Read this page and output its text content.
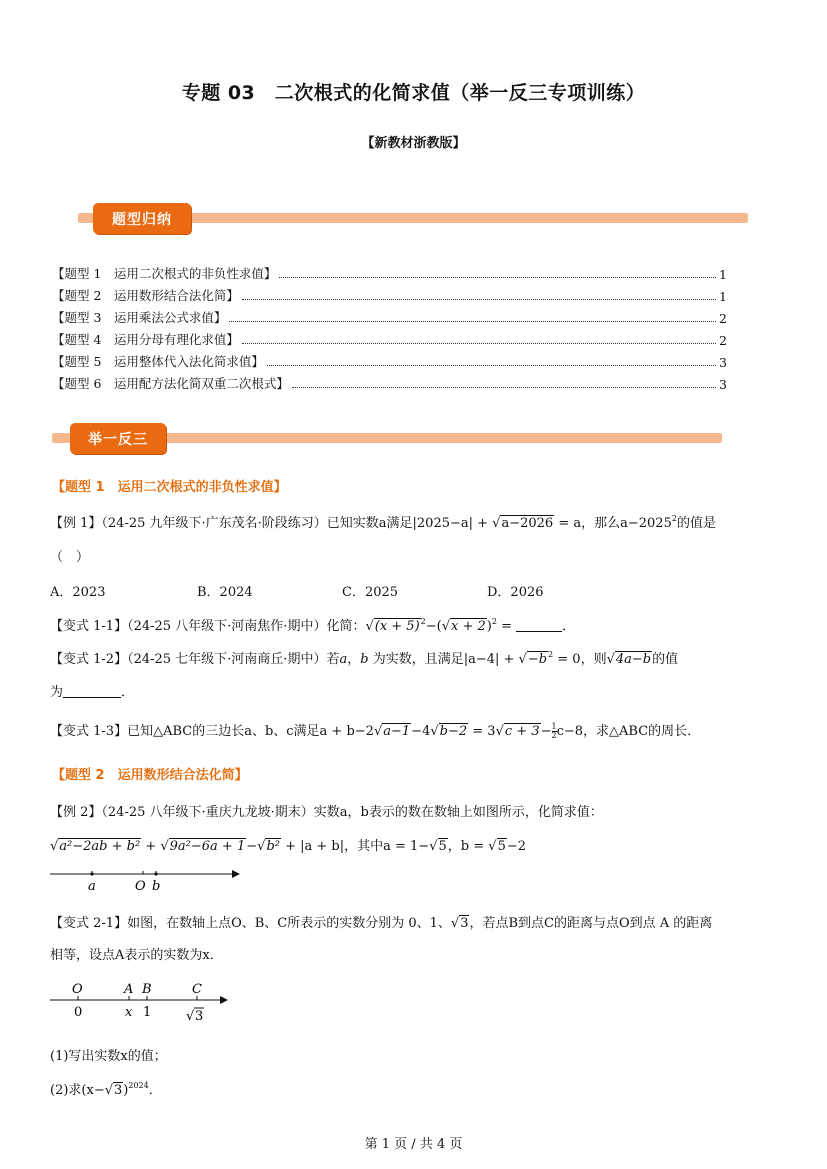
专题 03　二次根式的化简求值（举一反三专项训练）
【新教材浙教版】
题型归纳
【题型 1　运用二次根式的非负性求值】	1
【题型 2　运用数形结合法化简】	1
【题型 3　运用乘法公式求值】	2
【题型 4　运用分母有理化求值】	2
【题型 5　运用整体代入法化简求值】	3
【题型 6　运用配方法化简双重二次根式】	3
举一反三
【题型 1　运用二次根式的非负性求值】
【例 1】（24-25 九年级下·广东茂名·阶段练习）已知实数a满足|2025−a| + √a−2026 = a，那么$a-2025^2$的值是
（　）
A．2023	B．2024	C．2025	D．2026
【变式 1-1】（24-25 八年级下·河南焦作·期中）化简：$√(x + 5)^2-(√x + 2)^2$ =	．
【变式 1-2】（24-25 七年级下·河南商丘·期中）若a，b 为实数，且满足$|a-4| + √-b^2 = 0$，则√4a−b的值
为	．
【变式 1-3】已知△ABC的三边长a、b、c满足$a + b-2√a-1-4√b-2 = 3√c + 3- \frac{1}{2} c-8$，求△ABC的周长．
【题型 2　运用数形结合法化简】
【例 2】（24-25 八年级下·重庆九龙坡·期末）实数a，b表示的数在数轴上如图所示，化简求值：
√a²−2ab + b² + √9a²−6a + 1−√b² + |a + b|，其中a = 1−√5，b = √5−2
a	O b
【变式 2-1】如图，在数轴上点O、B、C所表示的实数分别为 0、1、√3，若点B到点C的距离与点O到点 A 的距离
相等，设点A表示的实数为x．
O	A B	C
0	x 1	√ 3
(1)写出实数x的值；
(2)求$(x-√3)^{2024}$．
第 1 页 / 共 4 页
